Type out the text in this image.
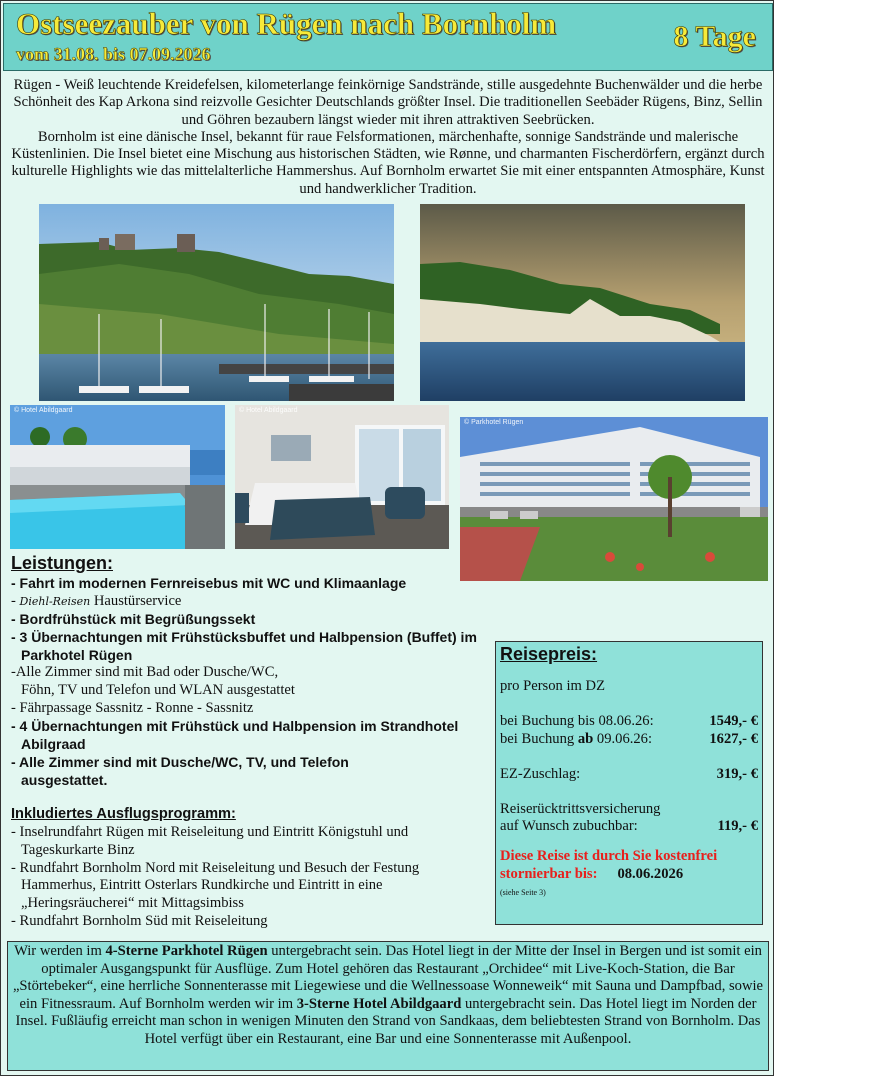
Ostseezauber von Rügen nach Bornholm
vom 31.08. bis 07.09.2026
8 Tage

Rügen - Weiß leuchtende Kreidefelsen, kilometerlange feinkörnige Sandstrände, stille ausgedehnte Buchenwälder und die herbe Schönheit des Kap Arkona sind reizvolle Gesichter Deutschlands größter Insel. Die traditionellen Seebäder Rügens, Binz, Sellin und Göhren bezaubern längst wieder mit ihren attraktiven Seebrücken.

Bornholm ist eine dänische Insel, bekannt für raue Felsformationen, märchenhafte, sonnige Sandstrände und malerische Küstenlinien. Die Insel bietet eine Mischung aus historischen Städten, wie Rønne, und charmanten Fischerdörfern, ergänzt durch kulturelle Highlights wie das mittelalterliche Hammershus. Auf Bornholm erwartet Sie mit einer entspannten Atmosphäre, Kunst und handwerklicher Tradition.

© Hotel Abildgaard	© Hotel Abildgaard
© Parkhotel Rügen
Leistungen:
- Fahrt im modernen Fernreisebus mit WC und Klimaanlage
- Diehl-Reisen Haustürservice
- Bordfrühstück mit Begrüßungssekt
- 3 Übernachtungen mit Frühstücksbuffet und Halbpension (Buffet) im
Parkhotel Rügen
-Alle Zimmer sind mit Bad oder Dusche/WC,
Föhn, TV und Telefon und WLAN ausgestattet
- Fährpassage Sassnitz - Ronne - Sassnitz
- 4 Übernachtungen mit Frühstück und Halbpension im Strandhotel
Abilgraad
- Alle Zimmer sind mit Dusche/WC, TV, und Telefon
ausgestattet.
Inkludiertes Ausflugsprogramm:
- Inselrundfahrt Rügen mit Reiseleitung und Eintritt Königstuhl und
Tageskurkarte Binz
- Rundfahrt Bornholm Nord mit Reiseleitung und Besuch der Festung
Hammerhus, Eintritt Osterlars Rundkirche und Eintritt in eine
„Heringsräucherei“ mit Mittagsimbiss
- Rundfahrt Bornholm Süd mit Reiseleitung
Reisepreis:
pro Person im DZ
bei Buchung bis 08.06.26:	1549,- €
bei Buchung ab 09.06.26:	1627,- €
EZ-Zuschlag:	319,- €
Reiserücktrittsversicherung
auf Wunsch zubuchbar:	119,- €
Diese Reise ist durch Sie kostenfrei
stornierbar bis: 08.06.2026
(siehe Seite 3)
Wir werden im 4-Sterne Parkhotel Rügen untergebracht sein. Das Hotel liegt in der Mitte der Insel in Bergen und ist somit ein optimaler Ausgangspunkt für Ausflüge. Zum Hotel gehören das Restaurant „Orchidee“ mit Live-Koch-Station, die Bar „Störtebeker“, eine herrliche Sonnenterasse mit Liegewiese und die Wellnessoase Wonneweik“ mit Sauna und Dampfbad, sowie ein Fitnessraum. Auf Bornholm werden wir im 3-Sterne Hotel Abildgaard untergebracht sein. Das Hotel liegt im Norden der Insel. Fußläufig erreicht man schon in wenigen Minuten den Strand von Sandkaas, dem beliebtesten Strand von Bornholm. Das Hotel verfügt über ein Restaurant, eine Bar und eine Sonnenterasse mit Außenpool.
